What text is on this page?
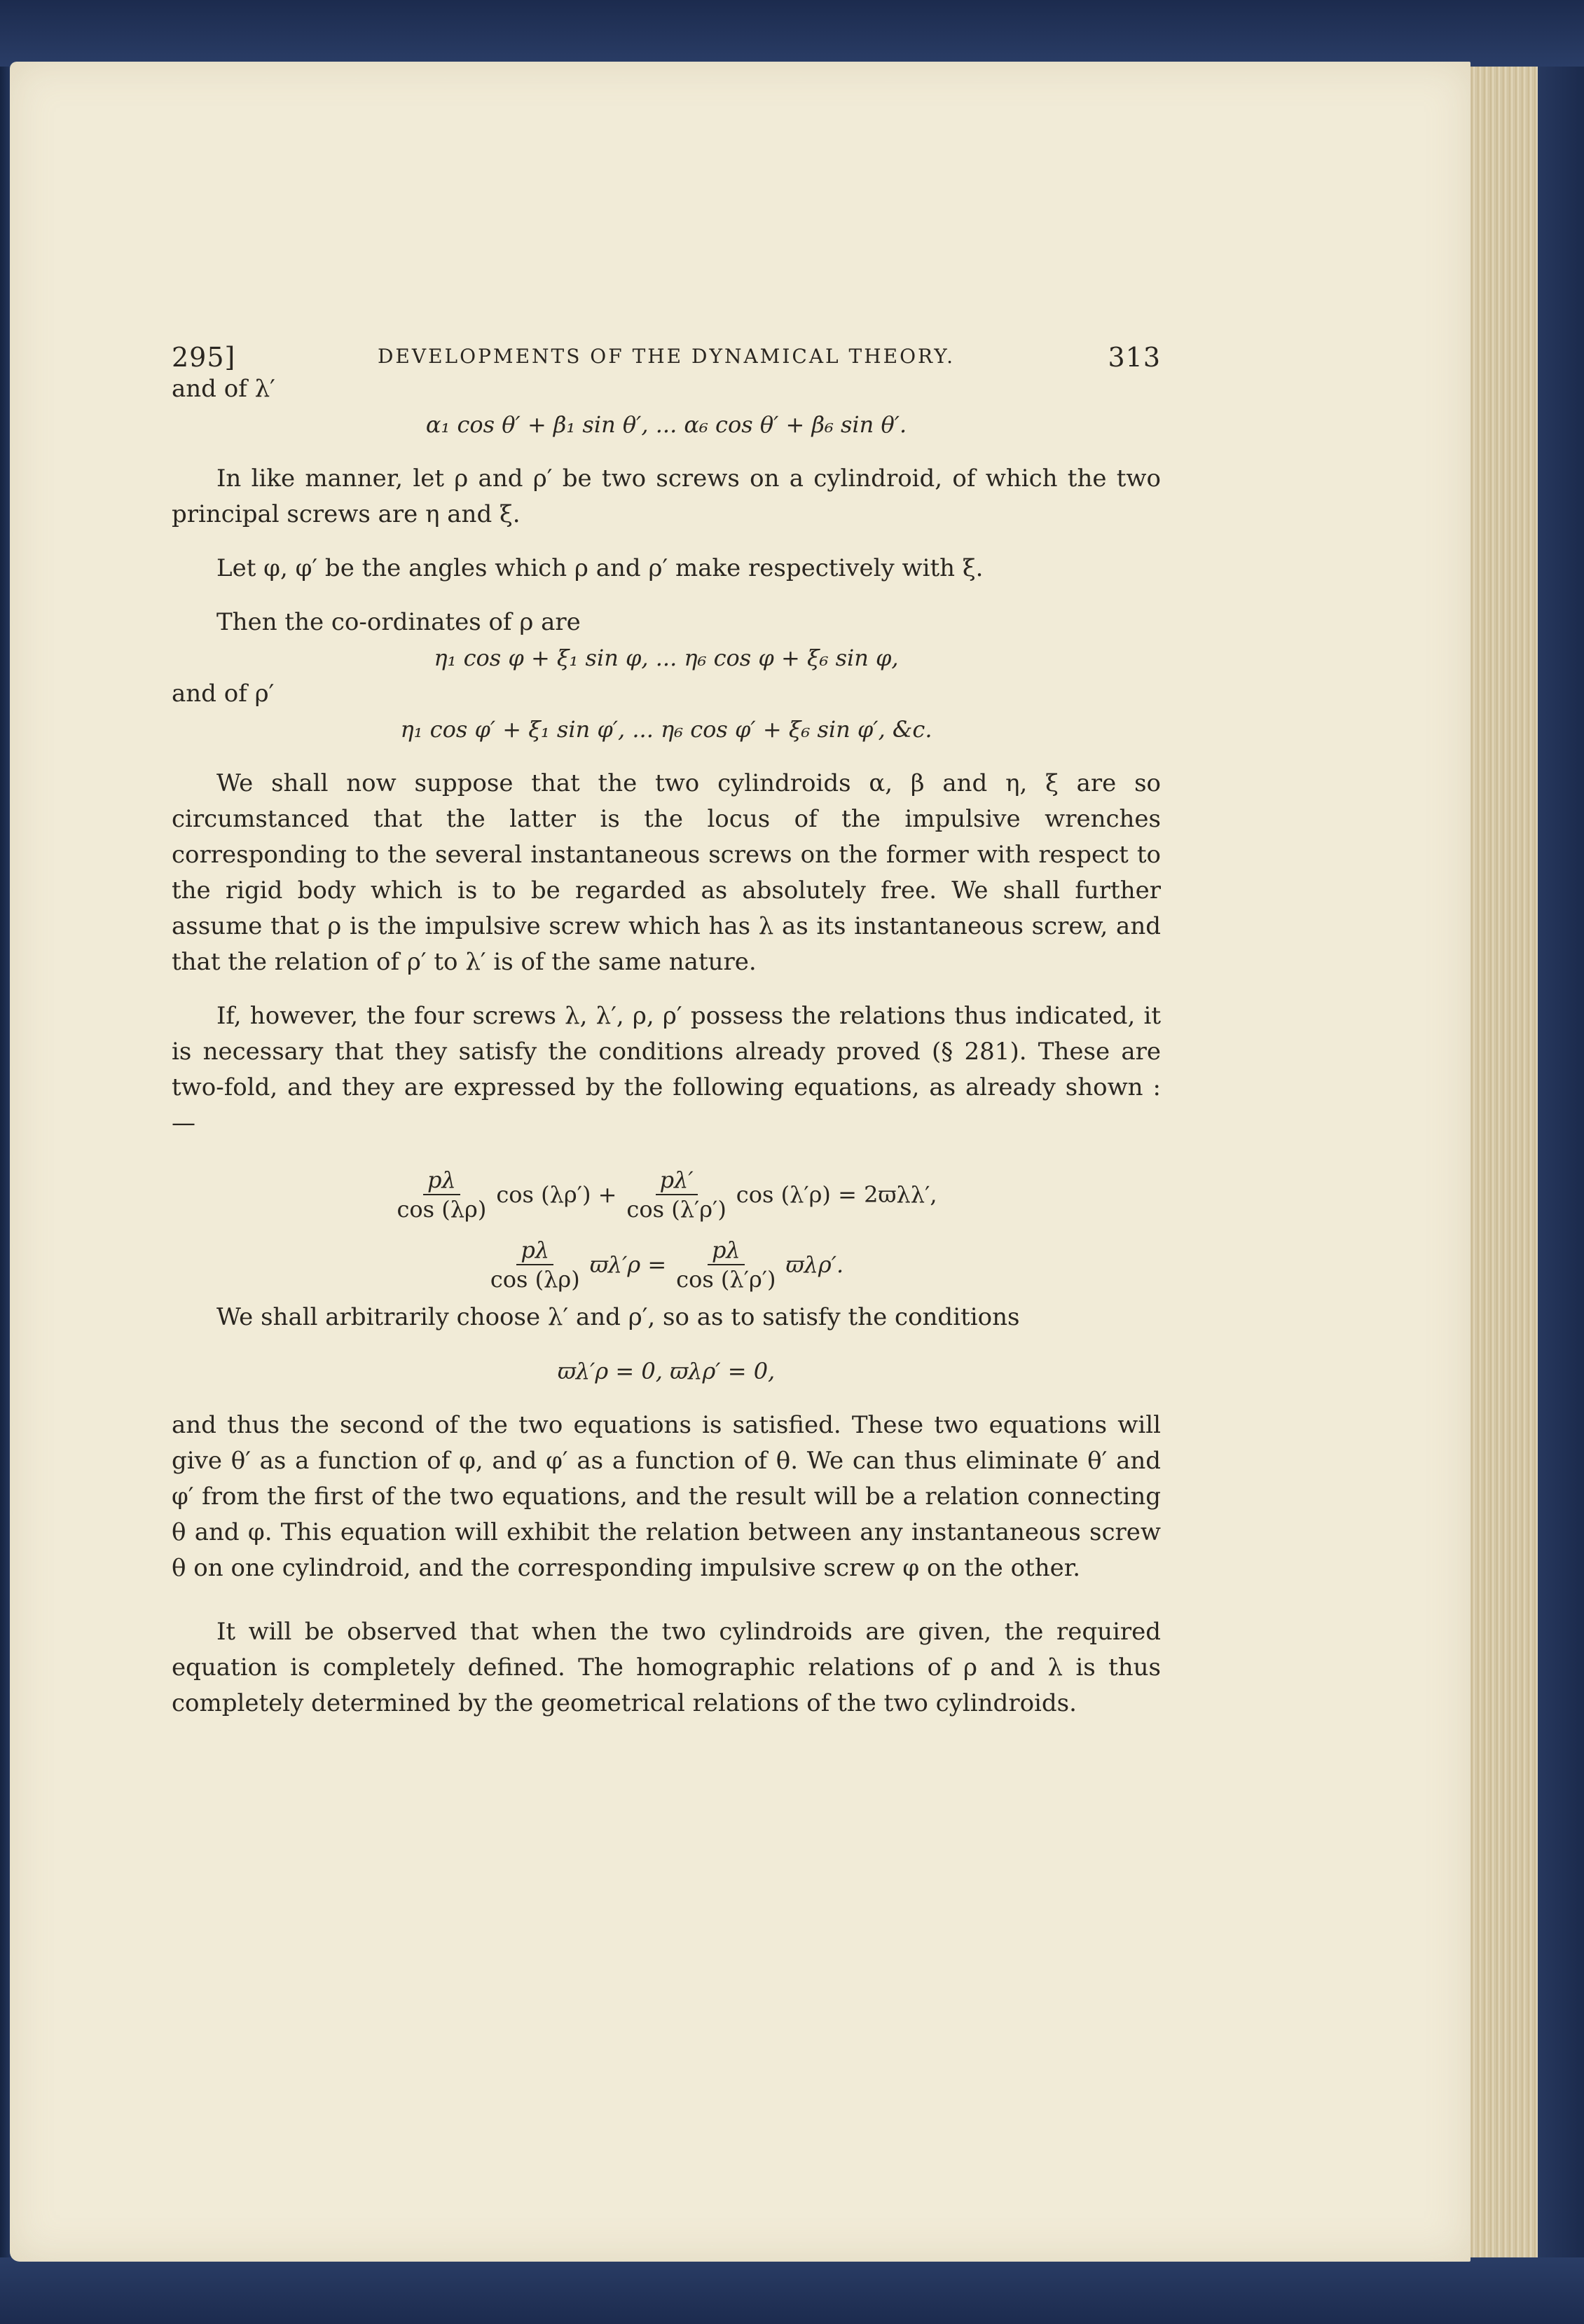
295]	DEVELOPMENTS OF THE DYNAMICAL THEORY.	313

and of λ′

α₁ cos θ′ + β₁ sin θ′, ... α₆ cos θ′ + β₆ sin θ′.

In like manner, let ρ and ρ′ be two screws on a cylindroid, of which the two principal screws are η and ξ.

Let φ, φ′ be the angles which ρ and ρ′ make respectively with ξ.

Then the co-ordinates of ρ are

η₁ cos φ + ξ₁ sin φ, ... η₆ cos φ + ξ₆ sin φ,

and of ρ′

η₁ cos φ′ + ξ₁ sin φ′, ... η₆ cos φ′ + ξ₆ sin φ′, &c.

We shall now suppose that the two cylindroids α, β and η, ξ are so circumstanced that the latter is the locus of the impulsive wrenches corresponding to the several instantaneous screws on the former with respect to the rigid body which is to be regarded as absolutely free. We shall further assume that ρ is the impulsive screw which has λ as its instantaneous screw, and that the relation of ρ′ to λ′ is of the same nature.

If, however, the four screws λ, λ′, ρ, ρ′ possess the relations thus indicated, it is necessary that they satisfy the conditions already proved (§ 281). These are two-fold, and they are expressed by the following equations, as already shown : —

$\frac{p\lambda}{\cos (\lambda\rho)}$ $\cos (\lambda\rho') + \frac{p\lambda'}{\cos (\lambda'\rho')}$ cos (λ′ρ) = 2ϖλλ′,
$\frac{p\lambda}{\cos (\lambda\rho)} ϖ\lambda'\rho = \frac{p\lambda}{\cos (\lambda'\rho')} ϖ\lambda\rho'$.

We shall arbitrarily choose λ′ and ρ′, so as to satisfy the conditions

ϖλ′ρ = 0, ϖλρ′ = 0,

and thus the second of the two equations is satisfied. These two equations will give θ′ as a function of φ, and φ′ as a function of θ. We can thus eliminate θ′ and φ′ from the first of the two equations, and the result will be a relation connecting θ and φ. This equation will exhibit the relation between any instantaneous screw θ on one cylindroid, and the corresponding impulsive screw φ on the other.

It will be observed that when the two cylindroids are given, the required equation is completely defined. The homographic relations of ρ and λ is thus completely determined by the geometrical relations of the two cylindroids.
